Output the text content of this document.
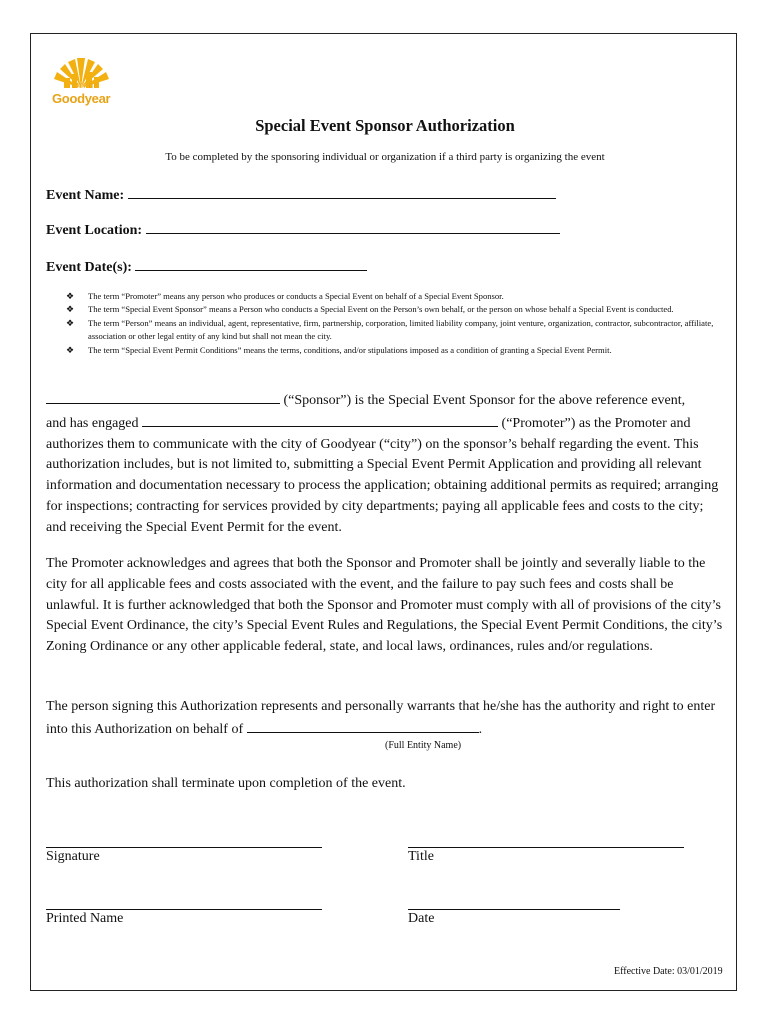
CITY OF
Goodyear
Special Event Sponsor Authorization
To be completed by the sponsoring individual or organization if a third party is organizing the event
Event Name:
Event Location:
Event Date(s):
❖ The term “Promoter” means any person who produces or conducts a Special Event on behalf of a Special Event Sponsor.
❖ The term “Special Event Sponsor” means a Person who conducts a Special Event on the Person’s own behalf, or the person on whose behalf a Special Event is conducted.
❖ The term “Person” means an individual, agent, representative, firm, partnership, corporation, limited liability company, joint venture, organization, contractor, subcontractor, affiliate, association or other legal entity of any kind but shall not mean the city.
❖ The term “Special Event Permit Conditions” means the terms, conditions, and/or stipulations imposed as a condition of granting a Special Event Permit.
(“Sponsor”) is the Special Event Sponsor for the above reference event,
and has engaged	(“Promoter”) as the Promoter and authorizes them to communicate with the city of Goodyear (“city”) on the sponsor’s behalf regarding the event. This authorization includes, but is not limited to, submitting a Special Event Permit Application and providing all relevant information and documentation necessary to process the application; obtaining additional permits as required; arranging for inspections; contracting for services provided by city departments; paying all applicable fees and costs to the city; and receiving the Special Event Permit for the event.
The Promoter acknowledges and agrees that both the Sponsor and Promoter shall be jointly and severally liable to the city for all applicable fees and costs associated with the event, and the failure to pay such fees and costs shall be unlawful. It is further acknowledged that both the Sponsor and Promoter must comply with all of provisions of the city’s Special Event Ordinance, the city’s Special Event Rules and Regulations, the Special Event Permit Conditions, the city’s Zoning Ordinance or any other applicable federal, state, and local laws, ordinances, rules and/or regulations.
The person signing this Authorization represents and personally warrants that he/she has the authority and right to enter into this Authorization on behalf of	.
(Full Entity Name)
This authorization shall terminate upon completion of the event.
Signature	Title
Printed Name	Date
Effective Date: 03/01/2019
